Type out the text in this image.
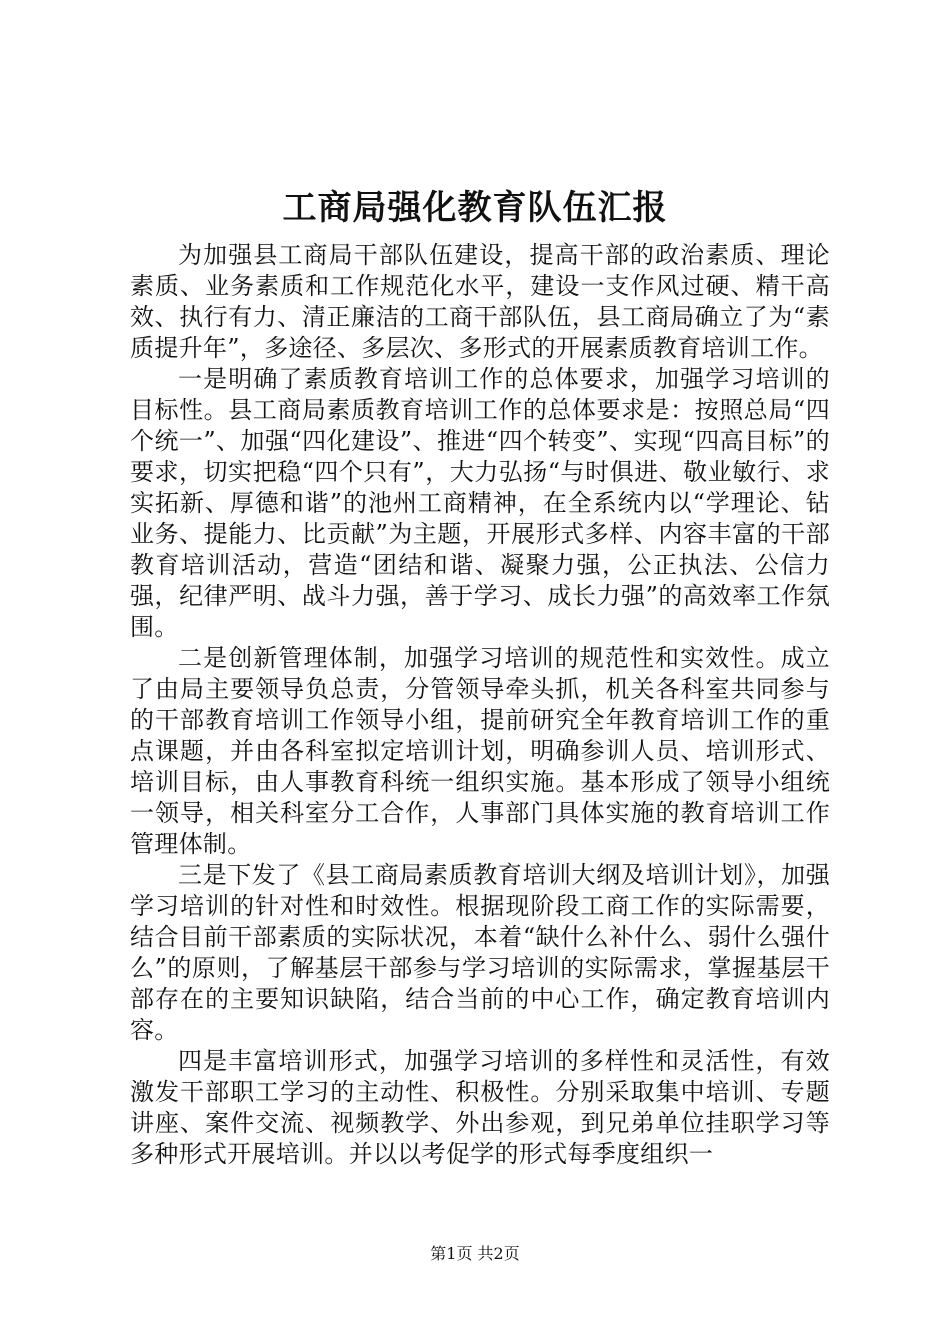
工商局强化教育队伍汇报

为加强县工商局干部队伍建设，提高干部的政治素质、理论素质、业务素质和工作规范化水平，建设一支作风过硬、精干高效、执行有力、清正廉洁的工商干部队伍，县工商局确立了为“素质提升年”，多途径、多层次、多形式的开展素质教育培训工作。

一是明确了素质教育培训工作的总体要求，加强学习培训的目标性。县工商局素质教育培训工作的总体要求是：按照总局“四个统一”、加强“四化建设”、推进“四个转变”、实现“四高目标”的要求，切实把稳“四个只有”，大力弘扬“与时俱进、敬业敏行、求实拓新、厚德和谐”的池州工商精神，在全系统内以“学理论、钻业务、提能力、比贡献”为主题，开展形式多样、内容丰富的干部教育培训活动，营造“团结和谐、凝聚力强，公正执法、公信力强，纪律严明、战斗力强，善于学习、成长力强”的高效率工作氛围。

二是创新管理体制，加强学习培训的规范性和实效性。成立了由局主要领导负总责，分管领导牵头抓，机关各科室共同参与的干部教育培训工作领导小组，提前研究全年教育培训工作的重点课题，并由各科室拟定培训计划，明确参训人员、培训形式、培训目标，由人事教育科统一组织实施。基本形成了领导小组统一领导，相关科室分工合作，人事部门具体实施的教育培训工作管理体制。

三是下发了《县工商局素质教育培训大纲及培训计划》，加强学习培训的针对性和时效性。根据现阶段工商工作的实际需要，结合目前干部素质的实际状况，本着“缺什么补什么、弱什么强什么”的原则，了解基层干部参与学习培训的实际需求，掌握基层干部存在的主要知识缺陷，结合当前的中心工作，确定教育培训内容。

四是丰富培训形式，加强学习培训的多样性和灵活性，有效激发干部职工学习的主动性、积极性。分别采取集中培训、专题讲座、案件交流、视频教学、外出参观，到兄弟单位挂职学习等多种形式开展培训。并以以考促学的形式每季度组织一

第1页 共2页
